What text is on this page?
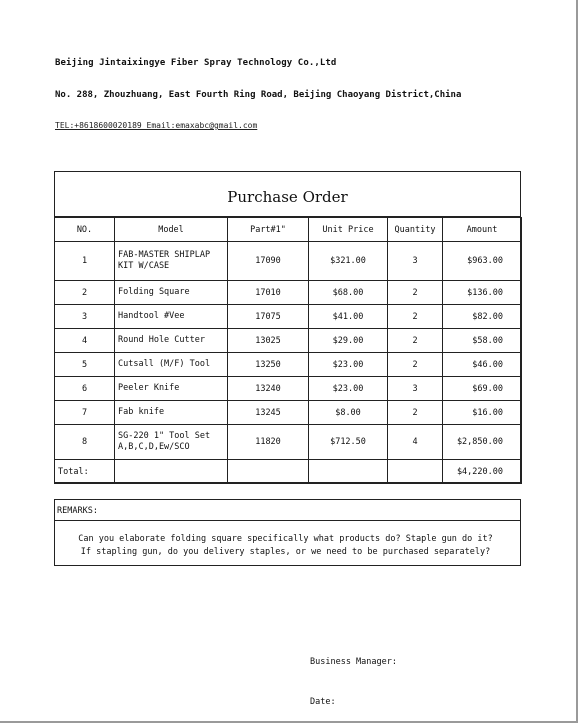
Beijing Jintaixingye Fiber Spray Technology Co.,Ltd
No. 288, Zhouzhuang, East Fourth Ring Road, Beijing Chaoyang District,China
TEL:+8618600020189 Email:emaxabc@gmail.com
Purchase Order
NO.	Model	Part#1"	Unit Price	Quantity	Amount
1	FAB-MASTER SHIPLAP KIT W/CASE	17090	$321.00	3	$963.00
2	Folding Square	17010	$68.00	2	$136.00
3	Handtool #Vee	17075	$41.00	2	$82.00
4	Round Hole Cutter	13025	$29.00	2	$58.00
5	Cutsall (M/F) Tool	13250	$23.00	2	$46.00
6	Peeler Knife	13240	$23.00	3	$69.00
7	Fab knife	13245	$8.00	2	$16.00
8	SG-220 1" Tool Set A,B,C,D,Ew/SCO	11820	$712.50	4	$2,850.00
Total:					$4,220.00
REMARKS:
Can you elaborate folding square specifically what products do? Staple gun do it?
If stapling gun, do you delivery staples, or we need to be purchased separately?
Business Manager:
Date:
